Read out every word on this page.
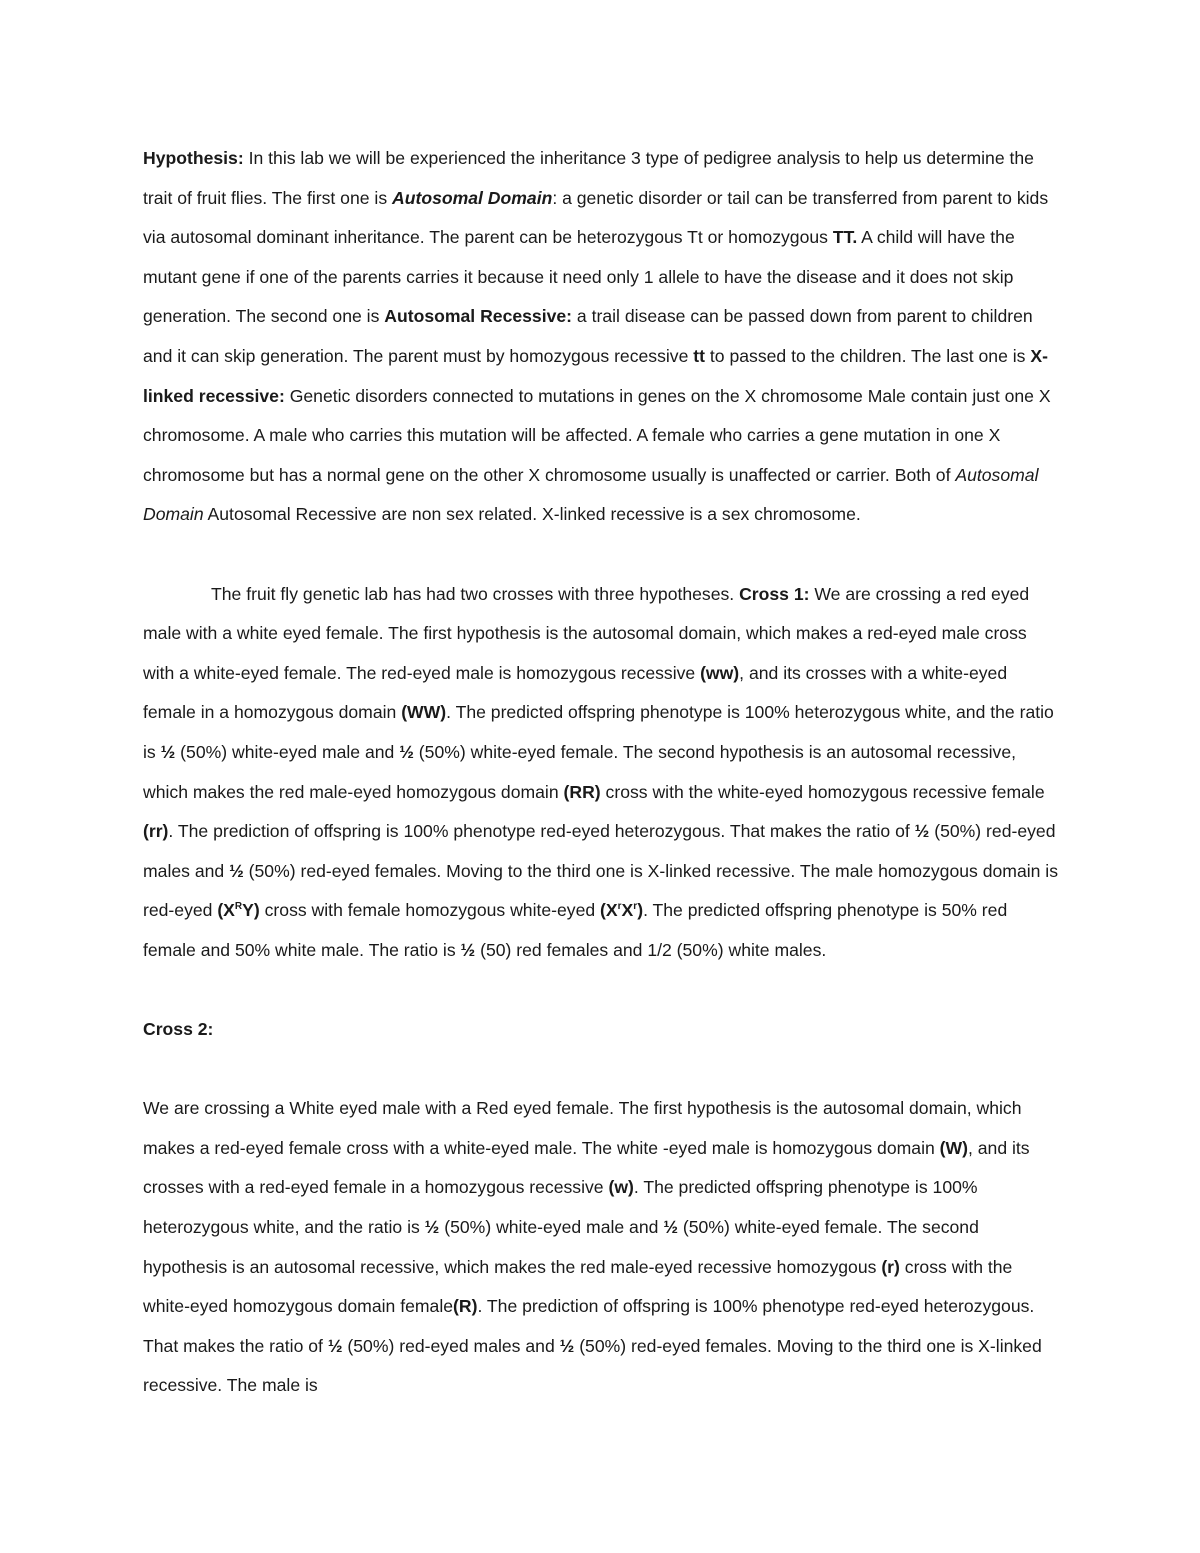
Hypothesis: In this lab we will be experienced the inheritance 3 type of pedigree analysis to help us determine the trait of fruit flies. The first one is Autosomal Domain: a genetic disorder or tail can be transferred from parent to kids via autosomal dominant inheritance. The parent can be heterozygous Tt or homozygous TT. A child will have the mutant gene if one of the parents carries it because it need only 1 allele to have the disease and it does not skip generation. The second one is Autosomal Recessive: a trail disease can be passed down from parent to children and it can skip generation. The parent must by homozygous recessive tt to passed to the children. The last one is X-linked recessive: Genetic disorders connected to mutations in genes on the X chromosome Male contain just one X chromosome. A male who carries this mutation will be affected. A female who carries a gene mutation in one X chromosome but has a normal gene on the other X chromosome usually is unaffected or carrier. Both of Autosomal Domain Autosomal Recessive are non sex related. X-linked recessive is a sex chromosome.

The fruit fly genetic lab has had two crosses with three hypotheses. Cross 1: We are crossing a red eyed male with a white eyed female. The first hypothesis is the autosomal domain, which makes a red-eyed male cross with a white-eyed female. The red-eyed male is homozygous recessive (ww), and its crosses with a white-eyed female in a homozygous domain (WW). The predicted offspring phenotype is 100% heterozygous white, and the ratio is ½ (50%) white-eyed male and ½ (50%) white-eyed female. The second hypothesis is an autosomal recessive, which makes the red male-eyed homozygous domain (RR) cross with the white-eyed homozygous recessive female (rr). The prediction of offspring is 100% phenotype red-eyed heterozygous. That makes the ratio of ½ (50%) red-eyed males and ½ (50%) red-eyed females. Moving to the third one is X-linked recessive. The male homozygous domain is red-eyed $(X^RY)$ cross with female homozygous white-eyed $(X^rX^r)$. The predicted offspring phenotype is 50% red female and 50% white male. The ratio is ½ (50) red females and 1/2 (50%) white males.

Cross 2:

We are crossing a White eyed male with a Red eyed female. The first hypothesis is the autosomal domain, which makes a red-eyed female cross with a white-eyed male. The white -eyed male is homozygous domain (W), and its crosses with a red-eyed female in a homozygous recessive (w). The predicted offspring phenotype is 100% heterozygous white, and the ratio is ½ (50%) white-eyed male and ½ (50%) white-eyed female. The second hypothesis is an autosomal recessive, which makes the red male-eyed recessive homozygous (r) cross with the white-eyed homozygous domain female(R). The prediction of offspring is 100% phenotype red-eyed heterozygous. That makes the ratio of ½ (50%) red-eyed males and ½ (50%) red-eyed females. Moving to the third one is X-linked recessive. The male is
